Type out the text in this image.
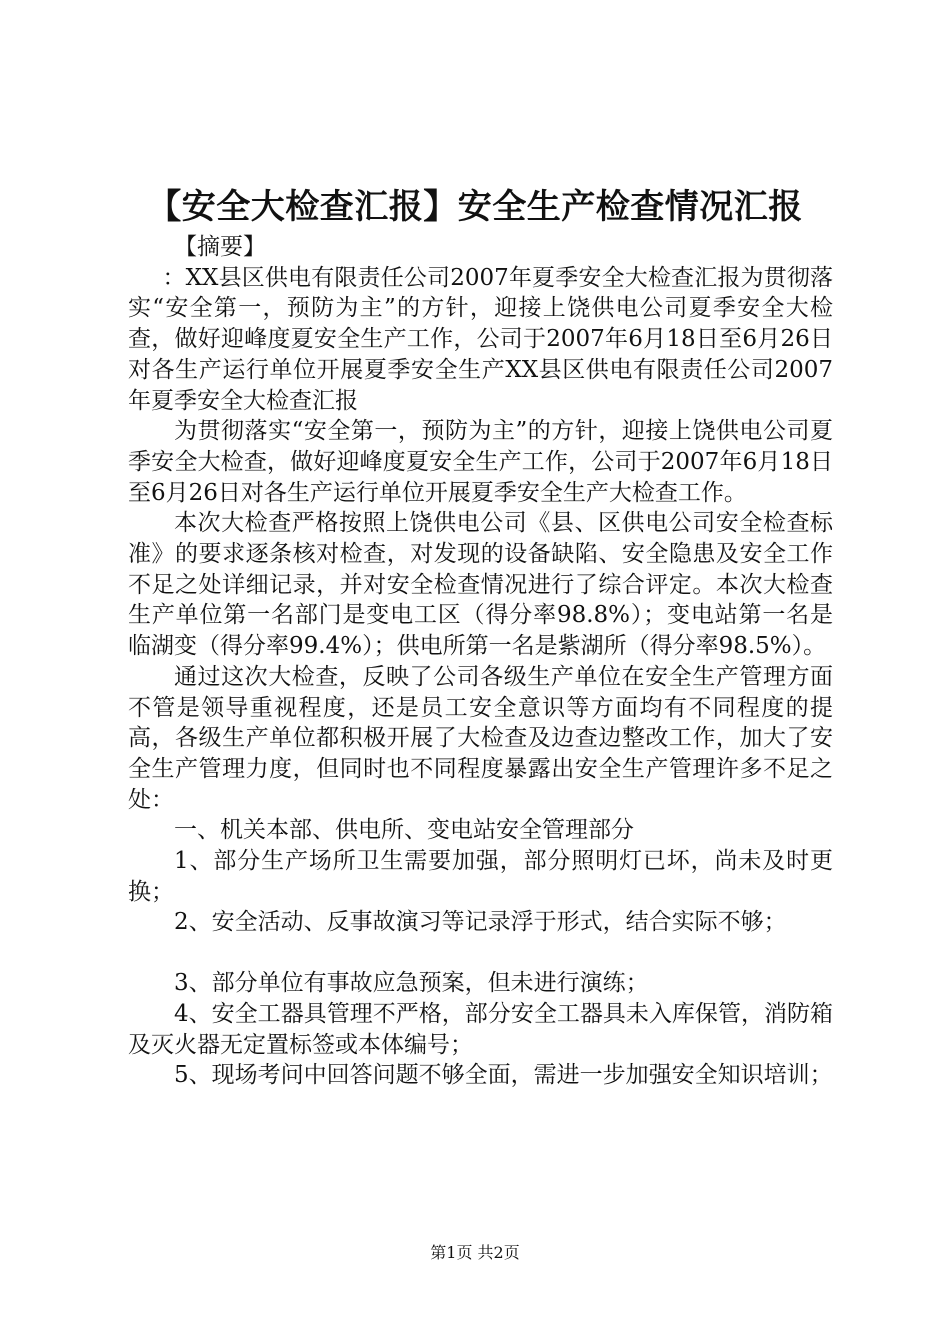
【安全大检查汇报】安全生产检查情况汇报

【摘要】

：XX县区供电有限责任公司2007年夏季安全大检查汇报为贯彻落实“安全第一，预防为主”的方针，迎接上饶供电公司夏季安全大检查，做好迎峰度夏安全生产工作，公司于2007年6月18日至6月26日对各生产运行单位开展夏季安全生产XX县区供电有限责任公司2007年夏季安全大检查汇报

为贯彻落实“安全第一，预防为主”的方针，迎接上饶供电公司夏季安全大检查，做好迎峰度夏安全生产工作，公司于2007年6月18日至6月26日对各生产运行单位开展夏季安全生产大检查工作。

本次大检查严格按照上饶供电公司《县、区供电公司安全检查标准》的要求逐条核对检查，对发现的设备缺陷、安全隐患及安全工作不足之处详细记录，并对安全检查情况进行了综合评定。本次大检查生产单位第一名部门是变电工区（得分率98.8%）；变电站第一名是临湖变（得分率99.4%）；供电所第一名是紫湖所（得分率98.5%）。

通过这次大检查，反映了公司各级生产单位在安全生产管理方面不管是领导重视程度，还是员工安全意识等方面均有不同程度的提高，各级生产单位都积极开展了大检查及边查边整改工作，加大了安全生产管理力度，但同时也不同程度暴露出安全生产管理许多不足之处：

一、机关本部、供电所、变电站安全管理部分

1、部分生产场所卫生需要加强，部分照明灯已坏，尚未及时更换；

2、安全活动、反事故演习等记录浮于形式，结合实际不够；

3、部分单位有事故应急预案，但未进行演练；

4、安全工器具管理不严格，部分安全工器具未入库保管，消防箱及灭火器无定置标签或本体编号；

5、现场考问中回答问题不够全面，需进一步加强安全知识培训；

第1页 共2页
